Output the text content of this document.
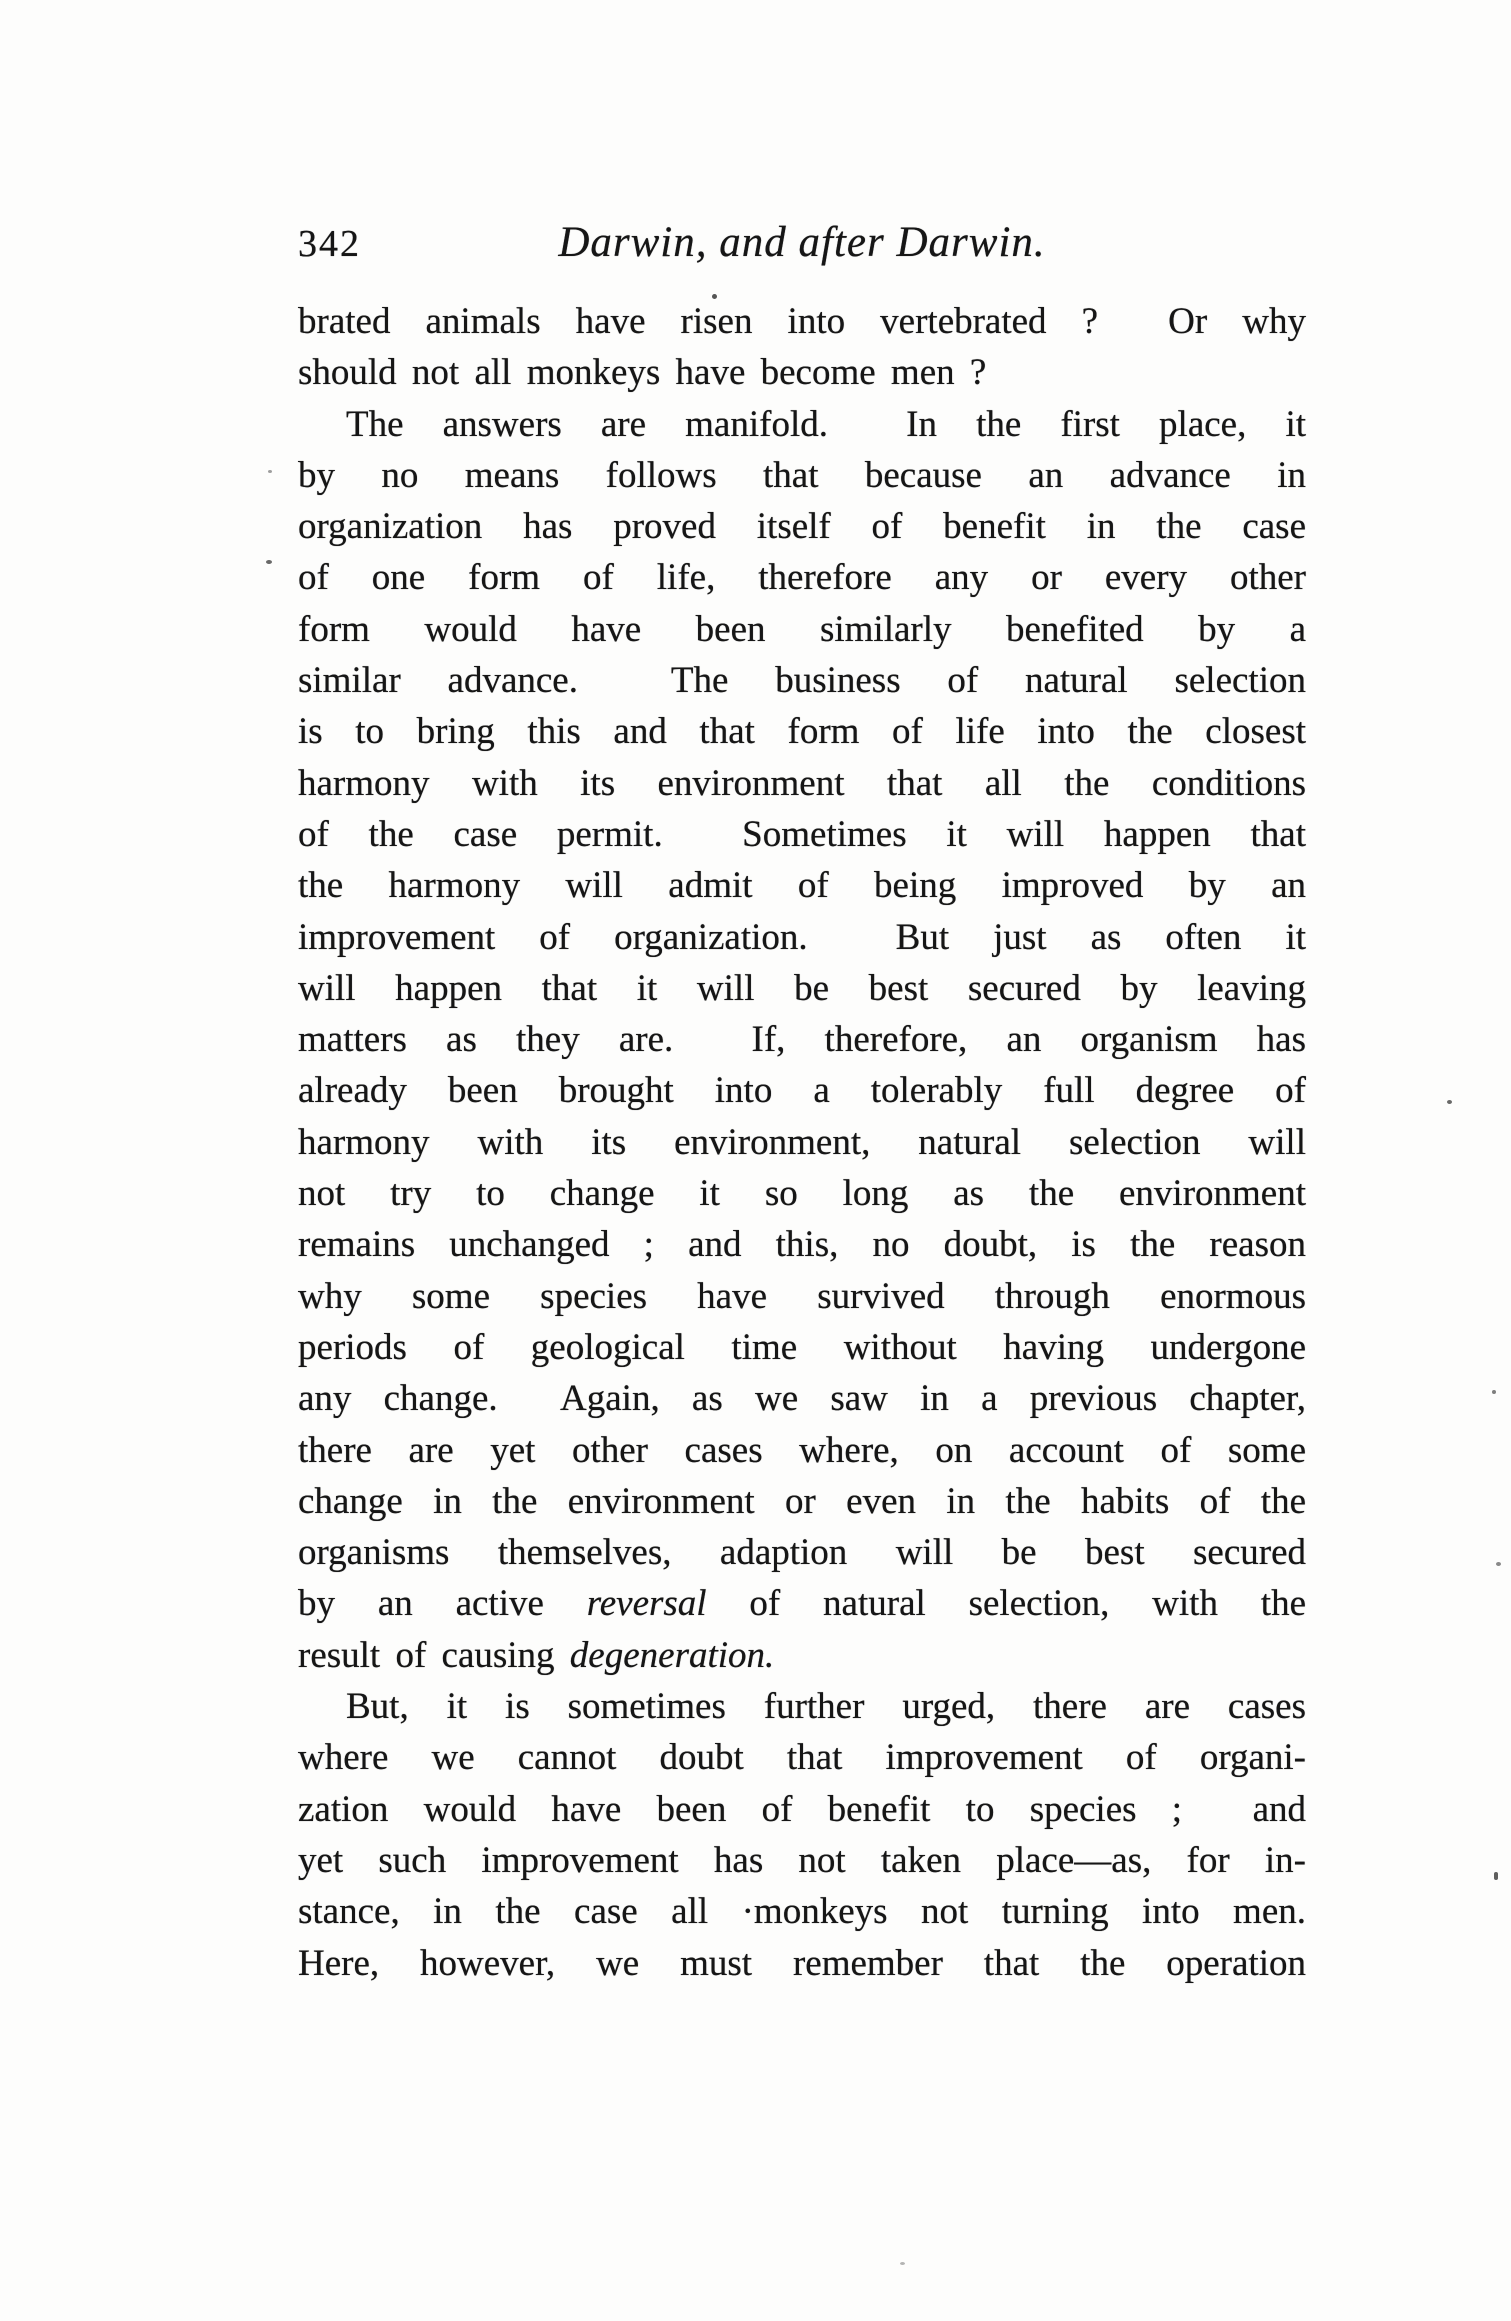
342	Darwin, and after Darwin.
brated animals have risen into vertebrated ?  Or why
should not all monkeys have become men ?
The answers are manifold.  In the first place, it
by no means follows that because an advance in
organization has proved itself of benefit in the case
of one form of life, therefore any or every other
form would have been similarly benefited by a
similar advance.  The business of natural selection
is to bring this and that form of life into the closest
harmony with its environment that all the conditions
of the case permit.  Sometimes it will happen that
the harmony will admit of being improved by an
improvement of organization.  But just as often it
will happen that it will be best secured by leaving
matters as they are.  If, therefore, an organism has
already been brought into a tolerably full degree of
harmony with its environment, natural selection will
not try to change it so long as the environment
remains unchanged ; and this, no doubt, is the reason
why some species have survived through enormous
periods of geological time without having undergone
any change.  Again, as we saw in a previous chapter,
there are yet other cases where, on account of some
change in the environment or even in the habits of the
organisms themselves, adaption will be best secured
by an active reversal of natural selection, with the
result of causing degeneration.
But, it is sometimes further urged, there are cases
where we cannot doubt that improvement of organi-
zation would have been of benefit to species ;  and
yet such improvement has not taken place—as, for in-
stance, in the case all ·monkeys not turning into men.
Here, however, we must remember that the operation
